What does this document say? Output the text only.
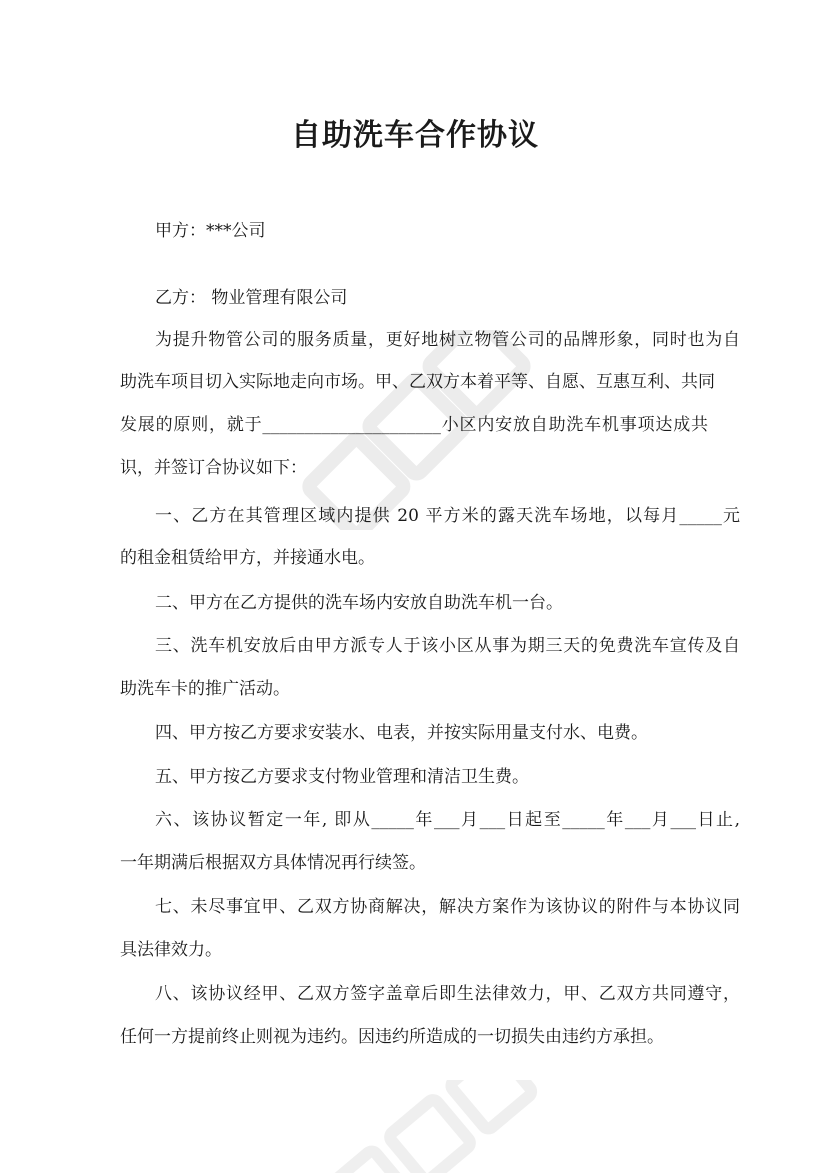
自助洗车合作协议

甲方：***公司

乙方： 物业管理有限公司

为提升物管公司的服务质量，更好地树立物管公司的品牌形象，同时也为自

助洗车项目切入实际地走向市场。甲、乙双方本着平等、自愿、互惠互利、共同

发展的原则，就于_____________________小区内安放自助洗车机事项达成共

识，并签订合协议如下：

一、乙方在其管理区域内提供 20 平方米的露天洗车场地，以每月_____元

的租金租赁给甲方，并接通水电。

二、甲方在乙方提供的洗车场内安放自助洗车机一台。

三、洗车机安放后由甲方派专人于该小区从事为期三天的免费洗车宣传及自

助洗车卡的推广活动。

四、甲方按乙方要求安装水、电表，并按实际用量支付水、电费。

五、甲方按乙方要求支付物业管理和清洁卫生费。

六、该协议暂定一年, 即从_____年___月___日起至_____年___月___日止,

一年期满后根据双方具体情况再行续签。

七、未尽事宜甲、乙双方协商解决，解决方案作为该协议的附件与本协议同

具法律效力。

八、该协议经甲、乙双方签字盖章后即生法律效力，甲、乙双方共同遵守，

任何一方提前终止则视为违约。因违约所造成的一切损失由违约方承担。
